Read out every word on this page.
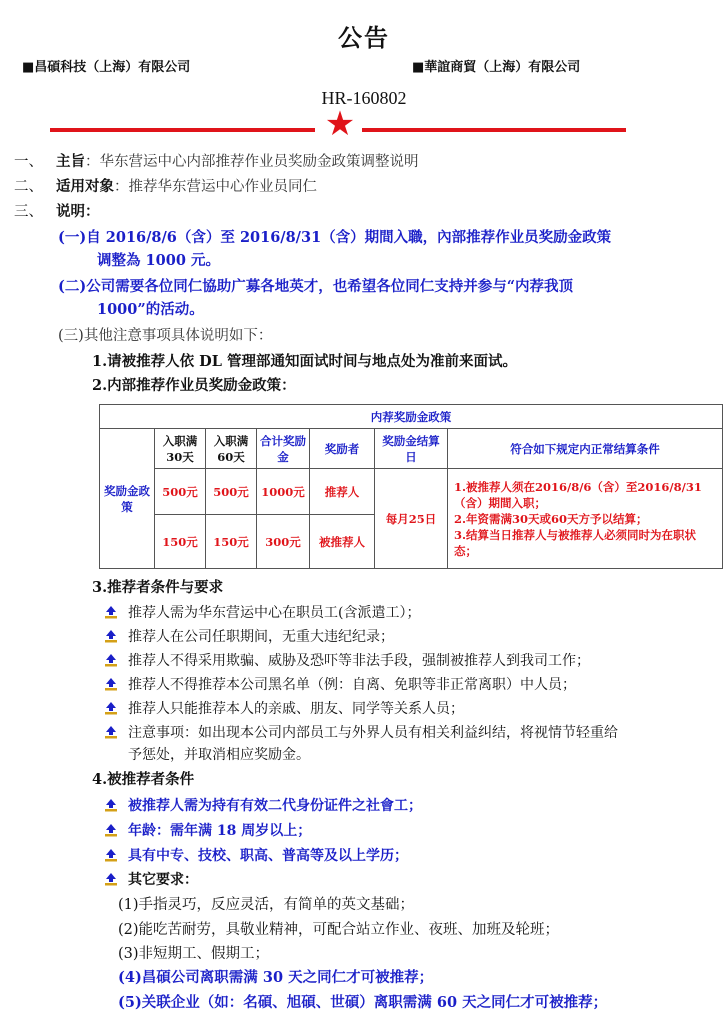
公告
■昌碩科技（上海）有限公司	■華誼商貿（上海）有限公司
HR-160802
★
一、 主旨：华东营运中心内部推荐作业员奖励金政策调整说明
二、 适用对象：推荐华东营运中心作业员同仁
三、 说明：
(一)自 2016/8/6（含）至 2016/8/31（含）期間入職，內部推荐作业员奖励金政策
调整為 1000 元。
(二)公司需要各位同仁協助广募各地英才，也希望各位同仁支持并参与“内荐我顶
1000”的活动。
(三)其他注意事项具体说明如下：
1.请被推荐人依 DL 管理部通知面试时间与地点处为准前来面试。
2.内部推荐作业员奖励金政策：
内荐奖励金政策						
奖励金政策	入职满30天	入职满60天	合计奖励金	奖励者	奖励金结算日	符合如下规定内正常结算条件
	500元	500元	1000元	推荐人	每月25日	1.被推荐人须在2016/8/6（含）至2016/8/31（含）期間入职；
2.年资需满30天或60天方予以结算；
3.结算当日推荐人与被推荐人必须同时为在职状态；

	150元	150元	300元	被推荐人		
3.推荐者条件与要求
推荐人需为华东营运中心在职员工(含派遣工）；
推荐人在公司任职期间，无重大违纪纪录；
推荐人不得采用欺骗、威胁及恐吓等非法手段，强制被推荐人到我司工作；
推荐人不得推荐本公司黑名单（例：自离、免职等非正常离职）中人员；
推荐人只能推荐本人的亲戚、朋友、同学等关系人员；
注意事项：如出现本公司内部员工与外界人员有相关利益纠结，将视情节轻重给
予惩处，并取消相应奖励金。
4.被推荐者条件
被推荐人需为持有有效二代身份证件之社會工；
年龄：需年满 18 周岁以上；
具有中专、技校、职高、普高等及以上学历；
其它要求：
(1)手指灵巧，反应灵活，有简单的英文基础；
(2)能吃苦耐劳，具敬业精神，可配合站立作业、夜班、加班及轮班；
(3)非短期工、假期工；
(4)昌碩公司离职需满 30 天之同仁才可被推荐；
(5)关联企业（如：名碩、旭碩、世碩）离职需满 60 天之同仁才可被推荐；
